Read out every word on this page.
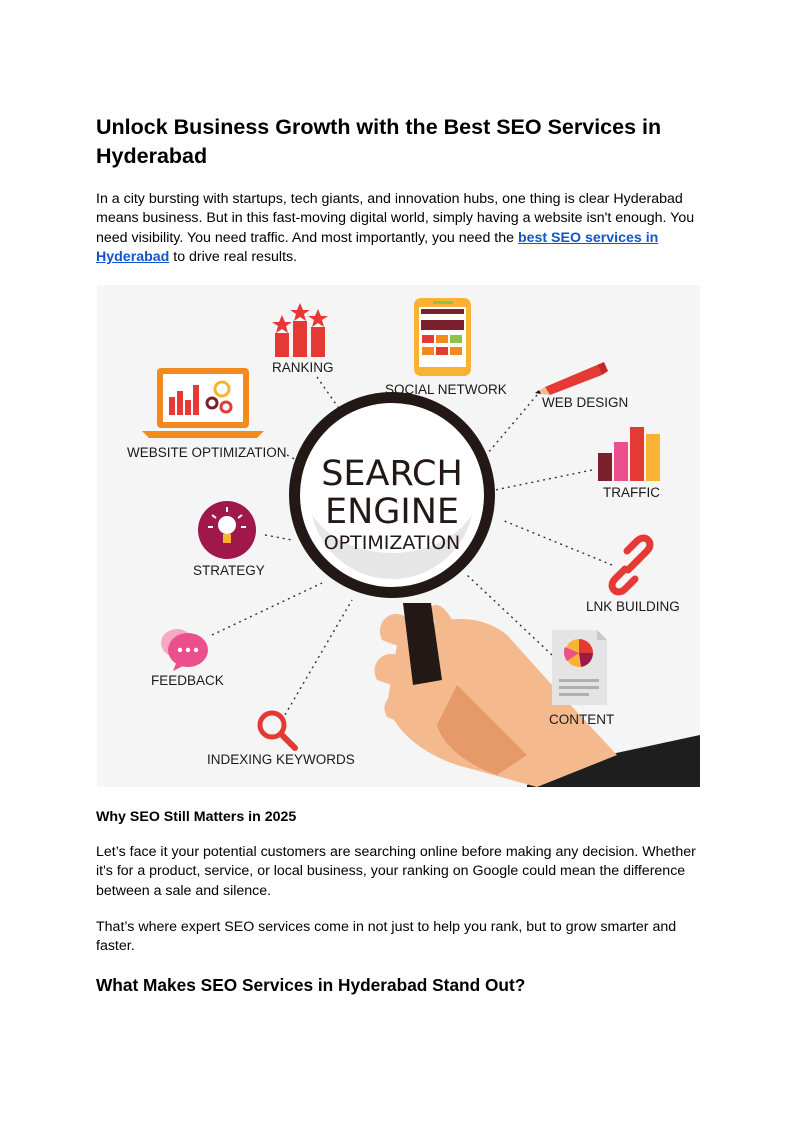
Unlock Business Growth with the Best SEO Services in Hyderabad

In a city bursting with startups, tech giants, and innovation hubs, one thing is clear Hyderabad means business. But in this fast-moving digital world, simply having a website isn't enough. You need visibility. You need traffic. And most importantly, you need the best SEO services in Hyderabad to drive real results.

SEARCH
ENGINE
OPTIMIZATION
RANKING
SOCIAL NETWORK
WEB DESIGN
WEBSITE OPTIMIZATION
TRAFFIC
STRATEGY
LNK BUILDING
FEEDBACK
CONTENT
INDEXING KEYWORDS
Why SEO Still Matters in 2025

Let’s face it your potential customers are searching online before making any decision. Whether it's for a product, service, or local business, your ranking on Google could mean the difference between a sale and silence.

That’s where expert SEO services come in not just to help you rank, but to grow smarter and faster.

What Makes SEO Services in Hyderabad Stand Out?
